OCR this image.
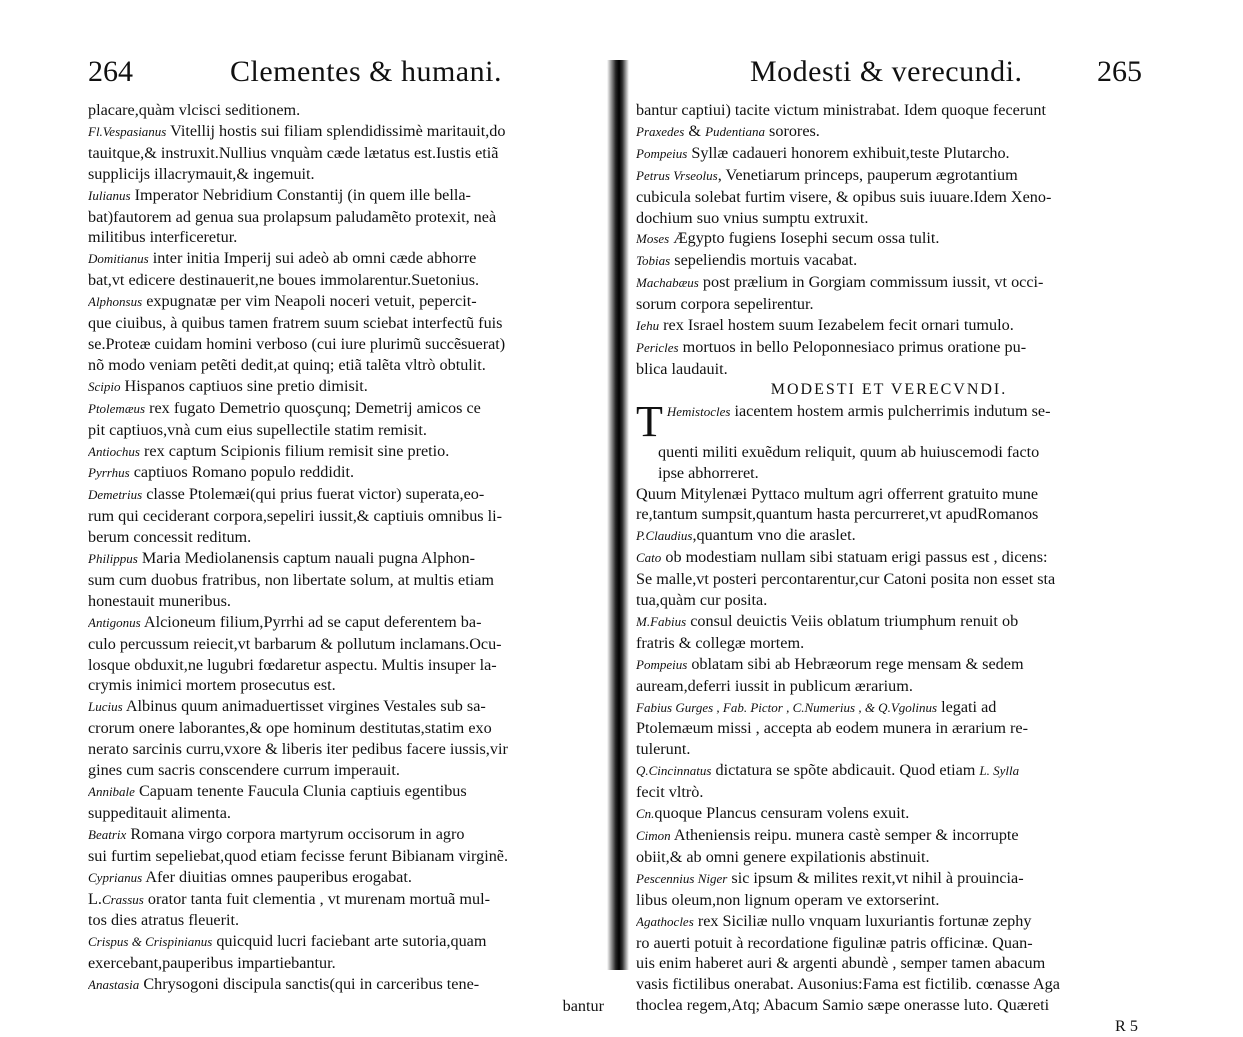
264	Clementes & humani.
placare,quàm vlcisci seditionem.
Fl.Vespasianus Vitellij hostis sui filiam splendidissimè maritauit,do
tauitque,& instruxit.Nullius vnquàm cæde lætatus est.Iustis etiã
supplicijs illacrymauit,& ingemuit.
Iulianus Imperator Nebridium Constantij (in quem ille bella-
bat)fautorem ad genua sua prolapsum paludamẽto protexit, neà
militibus interficeretur.
Domitianus inter initia Imperij sui adeò ab omni cæde abhorre
bat,vt edicere destinauerit,ne boues immolarentur.Suetonius.
Alphonsus expugnatæ per vim Neapoli noceri vetuit, pepercit-
que ciuibus, à quibus tamen fratrem suum sciebat interfectũ fuis
se.Proteæ cuidam homini verboso (cui iure plurimũ succẽsuerat)
nõ modo veniam petẽti dedit,at quinq; etiã talẽta vltrò obtulit.
Scipio Hispanos captiuos sine pretio dimisit.
Ptolemæus rex fugato Demetrio quosçunq; Demetrij amicos ce
pit captiuos,vnà cum eius supellectile statim remisit.
Antiochus rex captum Scipionis filium remisit sine pretio.
Pyrrhus captiuos Romano populo reddidit.
Demetrius classe Ptolemæi(qui prius fuerat victor) superata,eo-
rum qui ceciderant corpora,sepeliri iussit,& captiuis omnibus li-
berum concessit reditum.
Philippus Maria Mediolanensis captum nauali pugna Alphon-
sum cum duobus fratribus, non libertate solum, at multis etiam
honestauit muneribus.
Antigonus Alcioneum filium,Pyrrhi ad se caput deferentem ba-
culo percussum reiecit,vt barbarum & pollutum inclamans.Ocu-
losque obduxit,ne lugubri fœdaretur aspectu. Multis insuper la-
crymis inimici mortem prosecutus est.
Lucius Albinus quum animaduertisset virgines Vestales sub sa-
crorum onere laborantes,& ope hominum destitutas,statim exo
nerato sarcinis curru,vxore & liberis iter pedibus facere iussis,vir
gines cum sacris conscendere currum imperauit.
Annibale Capuam tenente Faucula Clunia captiuis egentibus
suppeditauit alimenta.
Beatrix Romana virgo corpora martyrum occisorum in agro
sui furtim sepeliebat,quod etiam fecisse ferunt Bibianam virginẽ.
Cyprianus Afer diuitias omnes pauperibus erogabat.
L.Crassus orator tanta fuit clementia , vt murenam mortuã mul-
tos dies atratus fleuerit.
Crispus & Crispinianus quicquid lucri faciebant arte sutoria,quam
exercebant,pauperibus impartiebantur.
Anastasia Chrysogoni discipula sanctis(qui in carceribus tene-
bantur
Modesti & verecundi. 265
bantur captiui) tacite victum ministrabat. Idem quoque fecerunt
Praxedes & Pudentiana sorores.
Pompeius Syllæ cadaueri honorem exhibuit,teste Plutarcho.
Petrus Vrseolus, Venetiarum princeps, pauperum ægrotantium
cubicula solebat furtim visere, & opibus suis iuuare.Idem Xeno-
dochium suo vnius sumptu extruxit.
Moses Ægypto fugiens Iosephi secum ossa tulit.
Tobias sepeliendis mortuis vacabat.
Machabæus post prælium in Gorgiam commissum iussit, vt occi-
sorum corpora sepelirentur.
Iehu rex Israel hostem suum Iezabelem fecit ornari tumulo.
Pericles mortuos in bello Peloponnesiaco primus oratione pu-
blica laudauit.
MODESTI ET VERECVNDI.
T Hemistocles iacentem hostem armis pulcherrimis indutum se-
quenti militi exuẽdum reliquit, quum ab huiuscemodi facto
ipse abhorreret.
Quum Mitylenæi Pyttaco multum agri offerrent gratuito mune
re,tantum sumpsit,quantum hasta percurreret,vt apudRomanos
P.Claudius,quantum vno die araslet.
Cato ob modestiam nullam sibi statuam erigi passus est , dicens:
Se malle,vt posteri percontarentur,cur Catoni posita non esset sta
tua,quàm cur posita.
M.Fabius consul deuictis Veiis oblatum triumphum renuit ob
fratris & collegæ mortem.
Pompeius oblatam sibi ab Hebræorum rege mensam & sedem
auream,deferri iussit in publicum ærarium.
Fabius Gurges , Fab. Pictor , C.Numerius , & Q.Vgolinus legati ad
Ptolemæum missi , accepta ab eodem munera in ærarium re-
tulerunt.
Q.Cincinnatus dictatura se spõte abdicauit. Quod etiam L. Sylla
fecit vltrò.
Cn.quoque Plancus censuram volens exuit.
Cimon Atheniensis reipu. munera castè semper & incorrupte
obiit,& ab omni genere expilationis abstinuit.
Pescennius Niger sic ipsum & milites rexit,vt nihil à prouincia-
libus oleum,non lignum operam ve extorserint.
Agathocles rex Siciliæ nullo vnquam luxuriantis fortunæ zephy
ro auerti potuit à recordatione figulinæ patris officinæ. Quan-
uis enim haberet auri & argenti abundè , semper tamen abacum
vasis fictilibus onerabat. Ausonius:Fama est fictilib. cœnasse Aga
thoclea regem,Atq; Abacum Samio sæpe onerasse luto. Quæreti
R 5
